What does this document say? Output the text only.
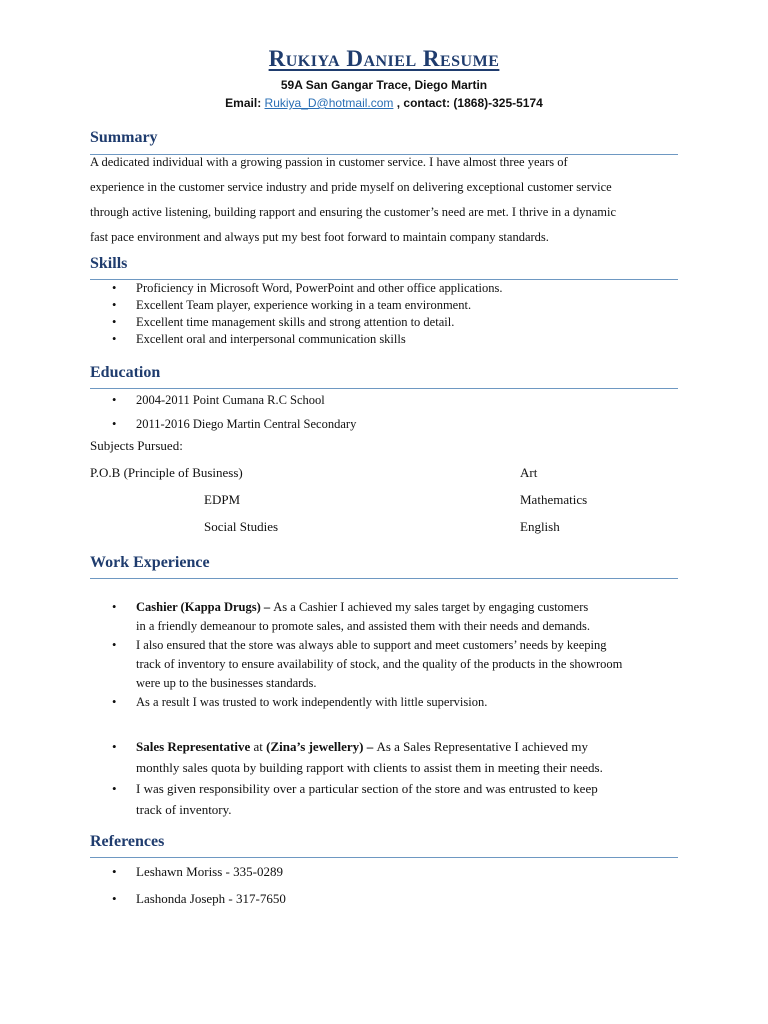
Rukiya Daniel Resume
59A San Gangar Trace, Diego Martin
Email: Rukiya_D@hotmail.com , contact: (1868)-325-5174
Summary
A dedicated individual with a growing passion in customer service. I have almost three years of
experience in the customer service industry and pride myself on delivering exceptional customer service
through active listening, building rapport and ensuring the customer’s need are met. I thrive in a dynamic
fast pace environment and always put my best foot forward to maintain company standards.
Skills
• Proficiency in Microsoft Word, PowerPoint and other office applications.
• Excellent Team player, experience working in a team environment.
• Excellent time management skills and strong attention to detail.
• Excellent oral and interpersonal communication skills
Education
• 2004-2011 Point Cumana R.C School
• 2011-2016 Diego Martin Central Secondary
Subjects Pursued:
P.O.B (Principle of Business)	Art
EDPM	Mathematics
Social Studies	English
Work Experience
• Cashier (Kappa Drugs) – As a Cashier I achieved my sales target by engaging customers
in a friendly demeanour to promote sales, and assisted them with their needs and demands.
• I also ensured that the store was always able to support and meet customers’ needs by keeping
track of inventory to ensure availability of stock, and the quality of the products in the showroom
were up to the businesses standards.
• As a result I was trusted to work independently with little supervision.
• Sales Representative at (Zina’s jewellery) – As a Sales Representative I achieved my
monthly sales quota by building rapport with clients to assist them in meeting their needs.
• I was given responsibility over a particular section of the store and was entrusted to keep
track of inventory.
References
• Leshawn Moriss - 335-0289
• Lashonda Joseph - 317-7650
